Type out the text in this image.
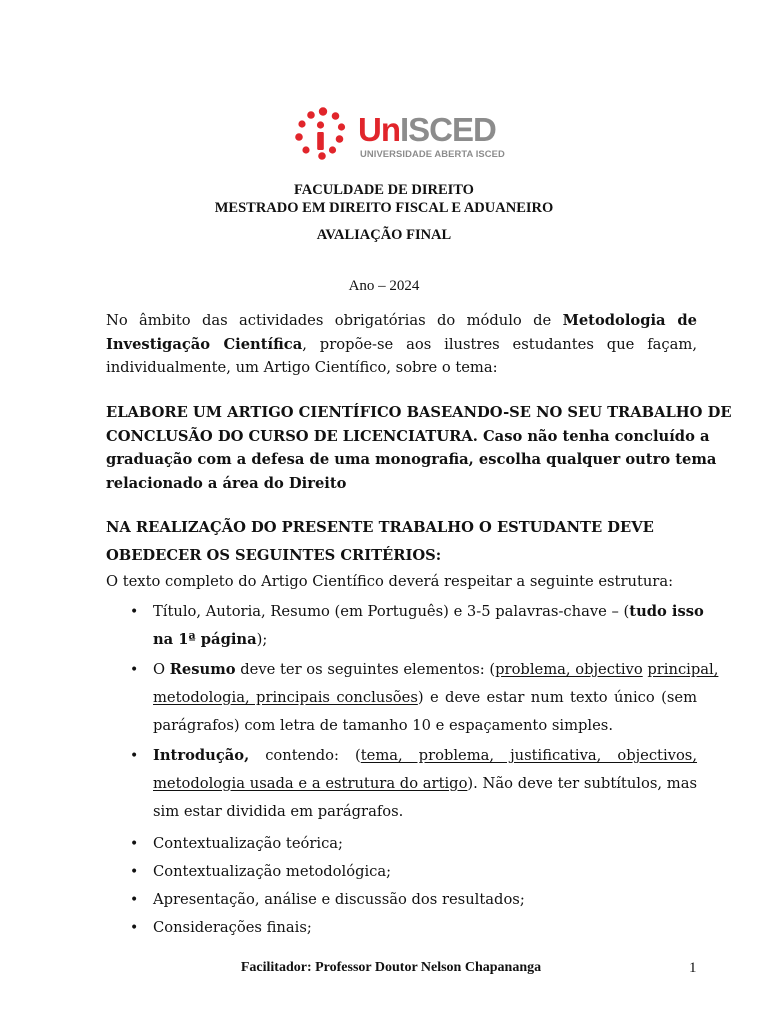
UnISCED
UNIVERSIDADE ABERTA ISCED
FACULDADE DE DIREITO
MESTRADO EM DIREITO FISCAL E ADUANEIRO
AVALIAÇÃO FINAL
Ano – 2024
No âmbito das actividades obrigatórias do módulo de Metodologia de
Investigação Científica, propõe-se aos ilustres estudantes que façam,
individualmente, um Artigo Científico, sobre o tema:
ELABORE UM ARTIGO CIENTÍFICO BASEANDO-SE NO SEU TRABALHO DE
CONCLUSÃO DO CURSO DE LICENCIATURA. Caso não tenha concluído a
graduação com a defesa de uma monografia, escolha qualquer outro tema
relacionado a área do Direito
NA REALIZAÇÃO DO PRESENTE TRABALHO O ESTUDANTE DEVE
OBEDECER OS SEGUINTES CRITÉRIOS:
O texto completo do Artigo Científico deverá respeitar a seguinte estrutura:
• Título, Autoria, Resumo (em Português) e 3-5 palavras-chave – (tudo isso
na 1ª página);
• O Resumo deve ter os seguintes elementos: (problema, objectivo principal,
metodologia, principais conclusões) e deve estar num texto único (sem
parágrafos) com letra de tamanho 10 e espaçamento simples.
• Introdução, contendo: (tema, problema, justificativa, objectivos,
metodologia usada e a estrutura do artigo). Não deve ter subtítulos, mas
sim estar dividida em parágrafos.
• Contextualização teórica;
• Contextualização metodológica;
• Apresentação, análise e discussão dos resultados;
• Considerações finais;
Facilitador: Professor Doutor Nelson Chapananga	1
